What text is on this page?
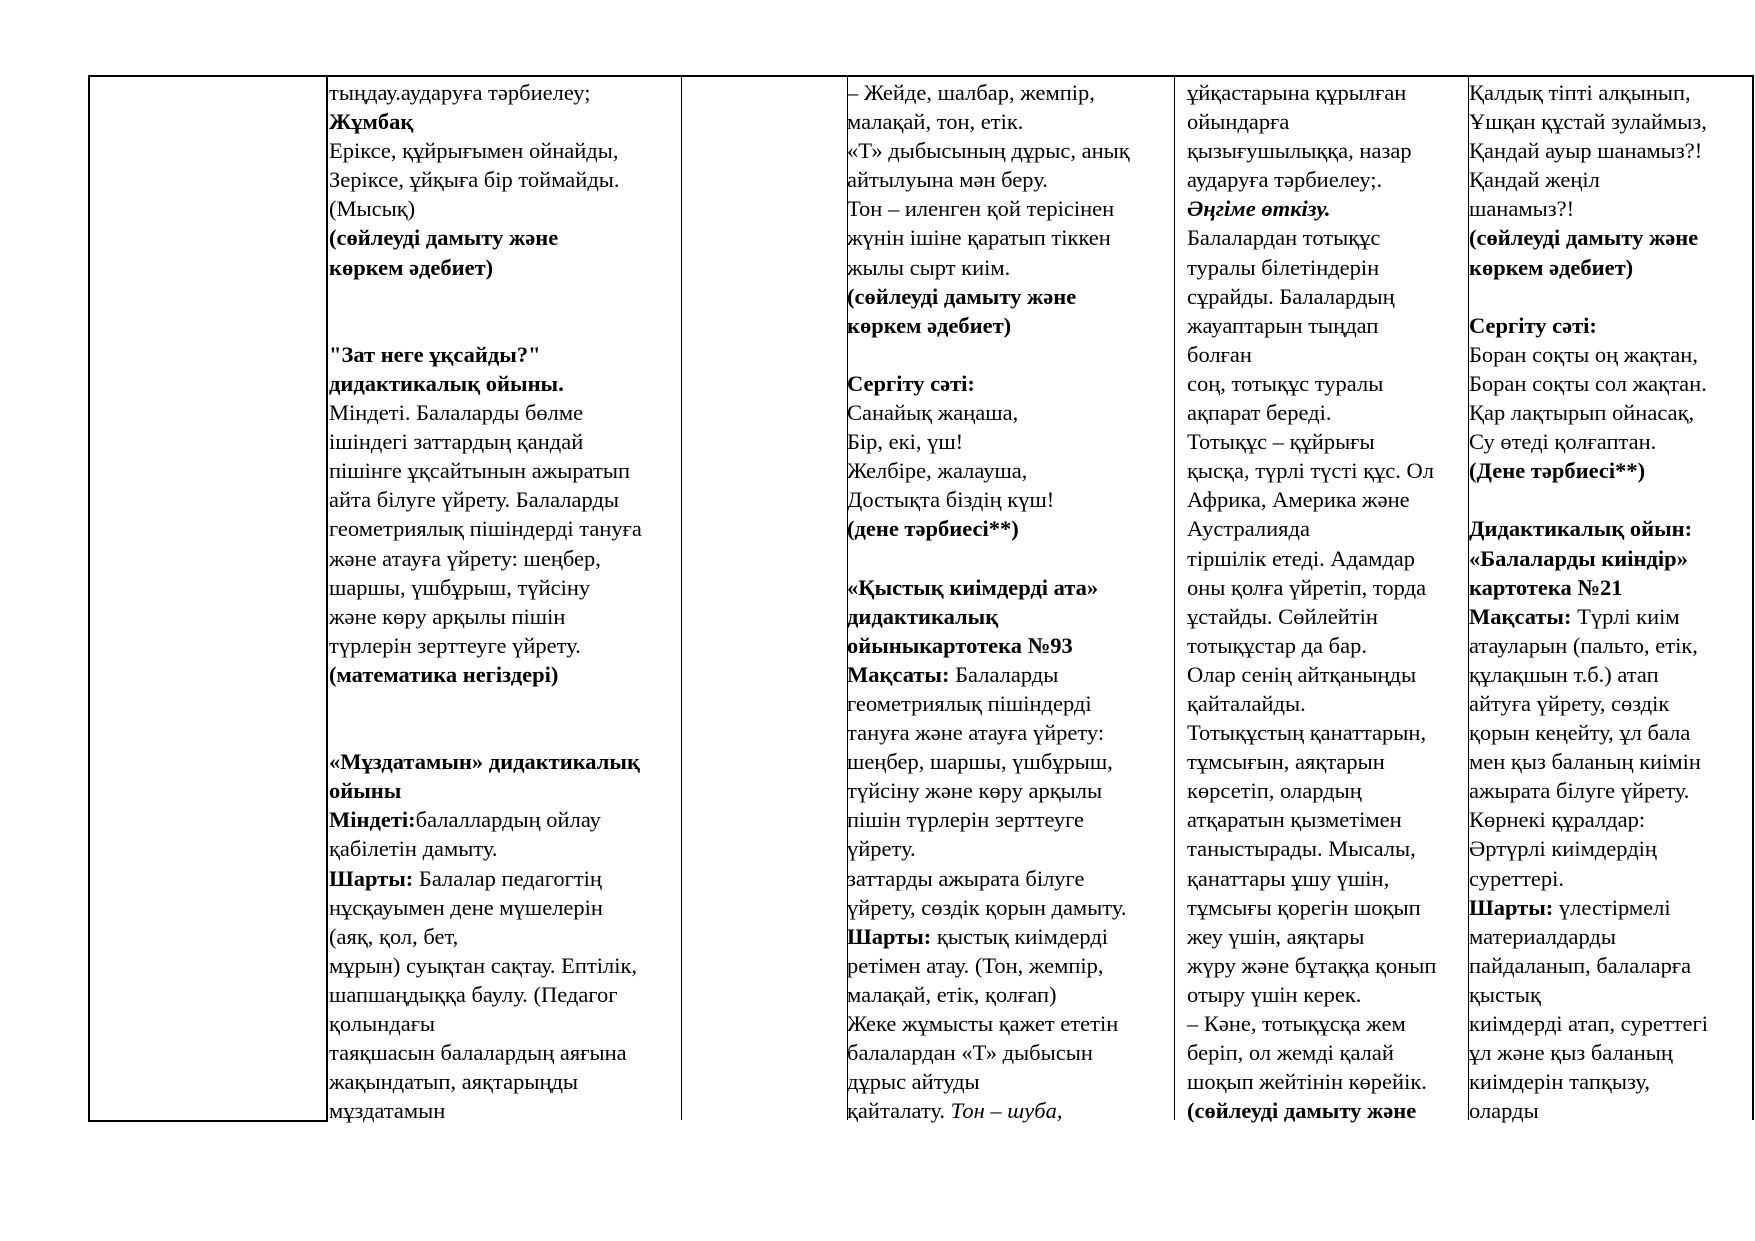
тыңдау.аударуға тәрбиелеу;
Жұмбақ
Ерiксе, құйрығымен ойнайды,
Зерiксе, ұйқыға бiр тоймайды.
(Мысық)
(сөйлеуді дамыту және
көркем әдебиет)
"Зат неге ұқсайды?"
дидактикалық ойыны.
Міндеті. Балаларды бөлме
ішіндегі заттардың қандай
пішінге ұқсайтынын ажыратып
айта білуге үйрету. Балаларды
геометриялық пішіндерді тануға
және атауға үйрету: шеңбер,
шаршы, үшбұрыш, түйсіну
және көру арқылы пішін
түрлерін зерттеуге үйрету.
(математика негіздері)
«Мұздатамын» дидактикалық
ойыны
Міндеті:балаллардың ойлау
қабілетін дамыту.
Шарты: Балалар педагогтің
нұсқауымен дене мүшелерін
(аяқ, қол, бет,
мұрын) суықтан сақтау. Ептілік,
шапшаңдыққа баулу. (Педагог
қолындағы
таяқшасын балалардың аяғына
жақындатып, аяқтарыңды
мұздатамын
– Жейде, шалбар, жемпір,
малақай, тон, етік.
«Т» дыбысының дұрыс, анық
айтылуына мән беру.
Тон – иленген қой терісінен
жүнін ішіне қаратып тіккен
жылы сырт киім.
(сөйлеуді дамыту және
көркем әдебиет)
Сергіту сәті:
Санайық жаңаша,
Бір, екі, үш!
Желбіре, жалауша,
Достықта біздің күш!
(дене тәрбиесі**)
«Қыстық киімдерді ата»
дидактикалық
ойыныкартотека №93
Мақсаты: Балаларды
геометриялық пішіндерді
тануға және атауға үйрету:
шеңбер, шаршы, үшбұрыш,
түйсіну және көру арқылы
пішін түрлерін зерттеуге
үйрету.
заттарды ажырата білуге
үйрету, сөздік қорын дамыту.
Шарты: қыстық киімдерді
ретімен атау. (Тон, жемпір,
малақай, етік, қолғап)
Жеке жұмысты қажет ететін
балалардан «Т» дыбысын
дұрыс айтуды
қайталату. Тон – шуба,
ұйқастарына құрылған
ойындарға
қызығушылыққа, назар
аударуға тәрбиелеу;.
Әңгіме өткізу.
Балалардан тотықұс
туралы білетіндерін
сұрайды. Балалардың
жауаптарын тыңдап
болған
соң, тотықұс туралы
ақпарат береді.
Тотықұс – құйрығы
қысқа, түрлі түсті құс. Ол
Африка, Америка және
Аустралияда
тіршілік етеді. Адамдар
оны қолға үйретіп, торда
ұстайды. Сөйлейтін
тотықұстар да бар.
Олар сенің айтқаныңды
қайталайды.
Тотықұстың қанаттарын,
тұмсығын, аяқтарын
көрсетіп, олардың
атқаратын қызметімен
таныстырады. Мысалы,
қанаттары ұшу үшін,
тұмсығы қорегін шоқып
жеу үшін, аяқтары
жүру және бұтаққа қонып
отыру үшін керек.
– Кәне, тотықұсқа жем
беріп, ол жемді қалай
шоқып жейтінін көрейік.
(сөйлеуді дамыту және
Қалдық тіпті алқынып,
Ұшқан құстай зулаймыз,
Қандай ауыр шанамыз?!
Қандай жеңіл
шанамыз?!
(сөйлеуді дамыту және
көркем әдебиет)
Сергіту сәті:
Боран соқты оң жақтан,
Боран соқты сол жақтан.
Қар лақтырып ойнасақ,
Су өтеді қолғаптан.
(Дене тәрбиесі**)
Дидактикалық ойын:
«Балаларды киіндір»
картотека №21
Мақсаты: Түрлі киім
атауларын (пальто, етік,
құлақшын т.б.) атап
айтуға үйрету, сөздік
қорын кеңейту, ұл бала
мен қыз баланың киімін
ажырата білуге үйрету.
Көрнекі құралдар:
Әртүрлі киімдердің
суреттері.
Шарты: үлестірмелі
материалдарды
пайдаланып, балаларға
қыстық
киімдерді атап, суреттегі
ұл және қыз баланың
киімдерін тапқызу,
оларды
